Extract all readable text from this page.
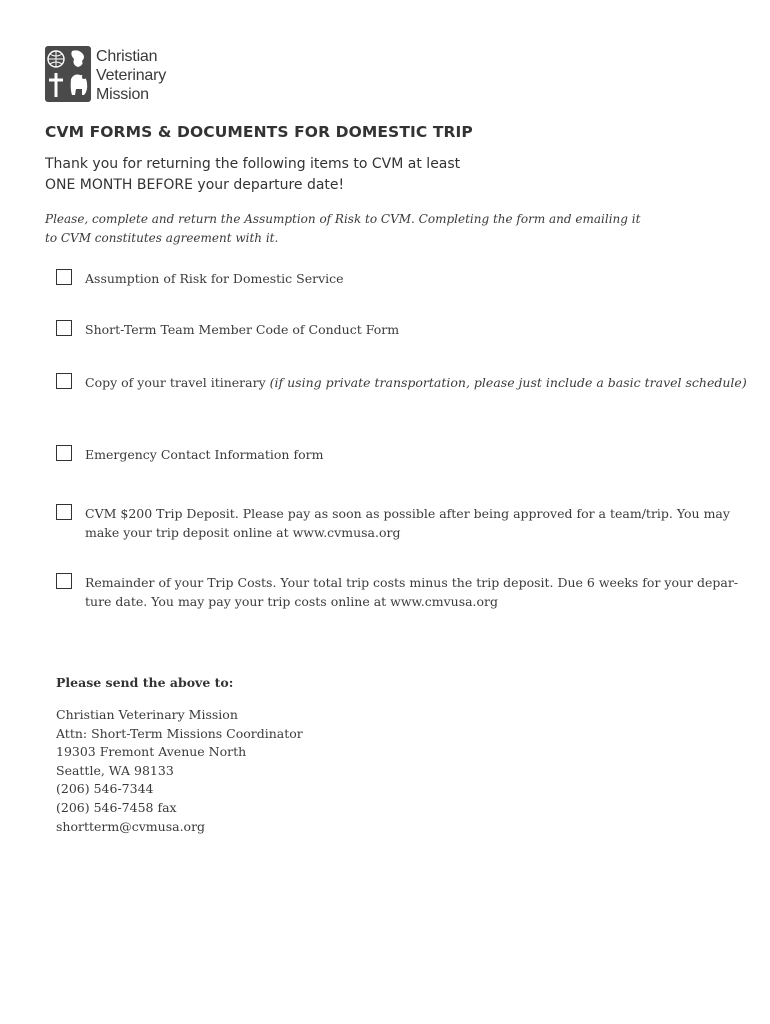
Christian
Veterinary
Mission
CVM FORMS & DOCUMENTS FOR DOMESTIC TRIP
Thank you for returning the following items to CVM at least
ONE MONTH BEFORE your departure date!
Please, complete and return the Assumption of Risk to CVM. Completing the form and emailing it
to CVM constitutes agreement with it.
Assumption of Risk for Domestic Service
Short-Term Team Member Code of Conduct Form
Copy of your travel itinerary (if using private transportation, please just include a basic travel schedule)
Emergency Contact Information form
CVM $200 Trip Deposit. Please pay as soon as possible after being approved for a team/trip. You may
make your trip deposit online at www.cvmusa.org
Remainder of your Trip Costs. Your total trip costs minus the trip deposit. Due 6 weeks for your depar-
ture date. You may pay your trip costs online at www.cmvusa.org
Please send the above to:
Christian Veterinary Mission
Attn: Short-Term Missions Coordinator
19303 Fremont Avenue North
Seattle, WA 98133
(206) 546-7344
(206) 546-7458 fax
shortterm@cvmusa.org
